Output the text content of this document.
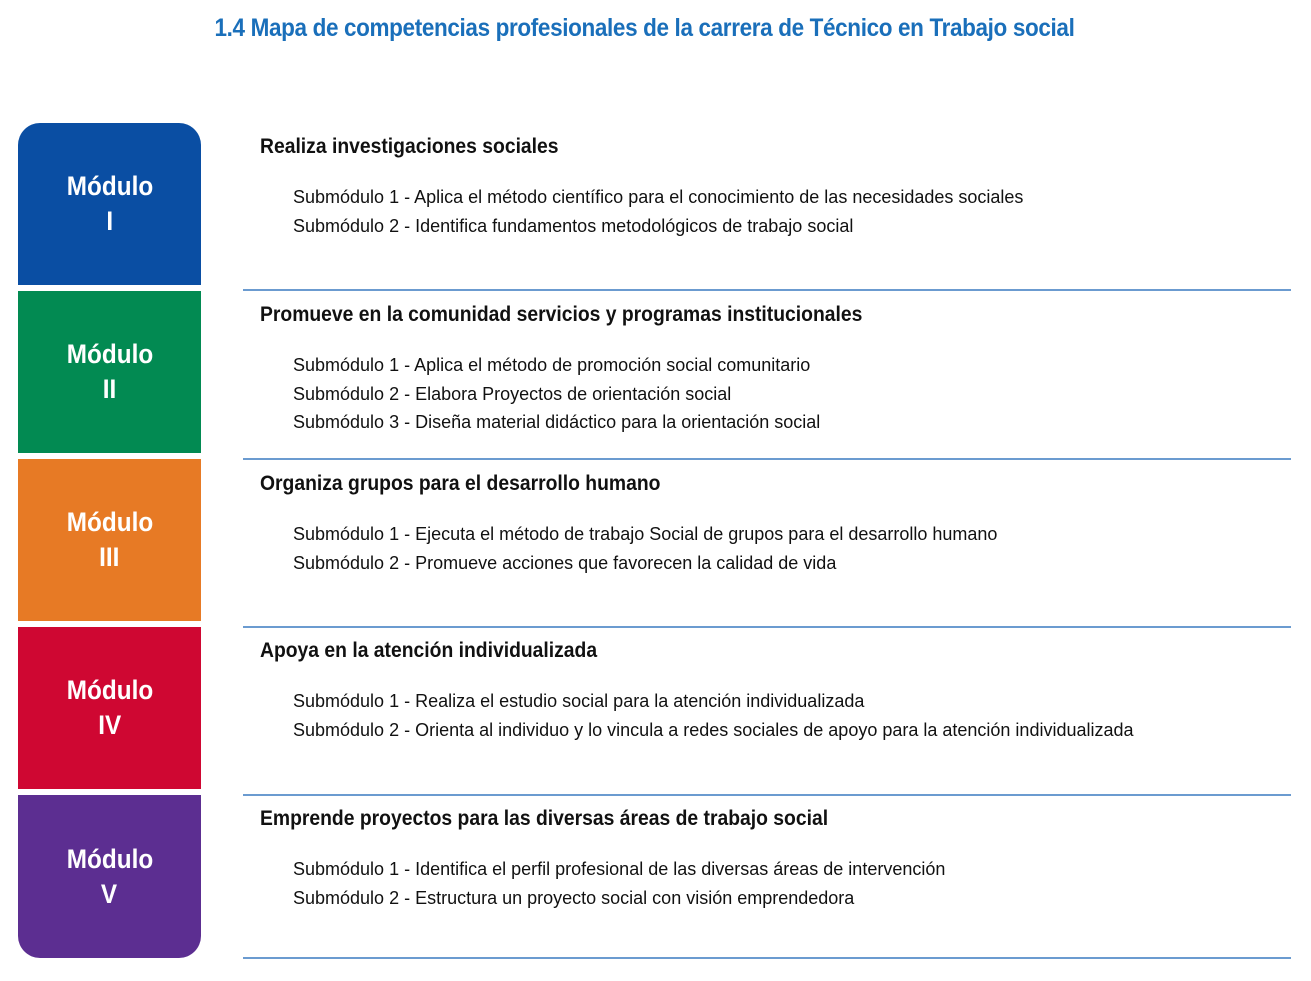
1.4 Mapa de competencias profesionales de la carrera de Técnico en Trabajo social
Módulo
I
Módulo
II
Módulo
III
Módulo
IV
Módulo
V
Realiza investigaciones sociales
Submódulo 1 - Aplica el método científico para el conocimiento de las necesidades sociales
Submódulo 2 - Identifica fundamentos metodológicos de trabajo social
Promueve en la comunidad servicios y programas institucionales
Submódulo 1 - Aplica el método de promoción social comunitario
Submódulo 2 - Elabora Proyectos de orientación social
Submódulo 3 - Diseña material didáctico para la orientación social
Organiza grupos para el desarrollo humano
Submódulo 1 - Ejecuta el método de trabajo Social de grupos para el desarrollo humano
Submódulo 2 - Promueve acciones que favorecen la calidad de vida
Apoya en la atención individualizada
Submódulo 1 - Realiza el estudio social para la atención individualizada
Submódulo 2 - Orienta al individuo y lo vincula a redes sociales de apoyo para la atención individualizada
Emprende proyectos para las diversas áreas de trabajo social
Submódulo 1 - Identifica el perfil profesional de las diversas áreas de intervención
Submódulo 2 - Estructura un proyecto social con visión emprendedora
